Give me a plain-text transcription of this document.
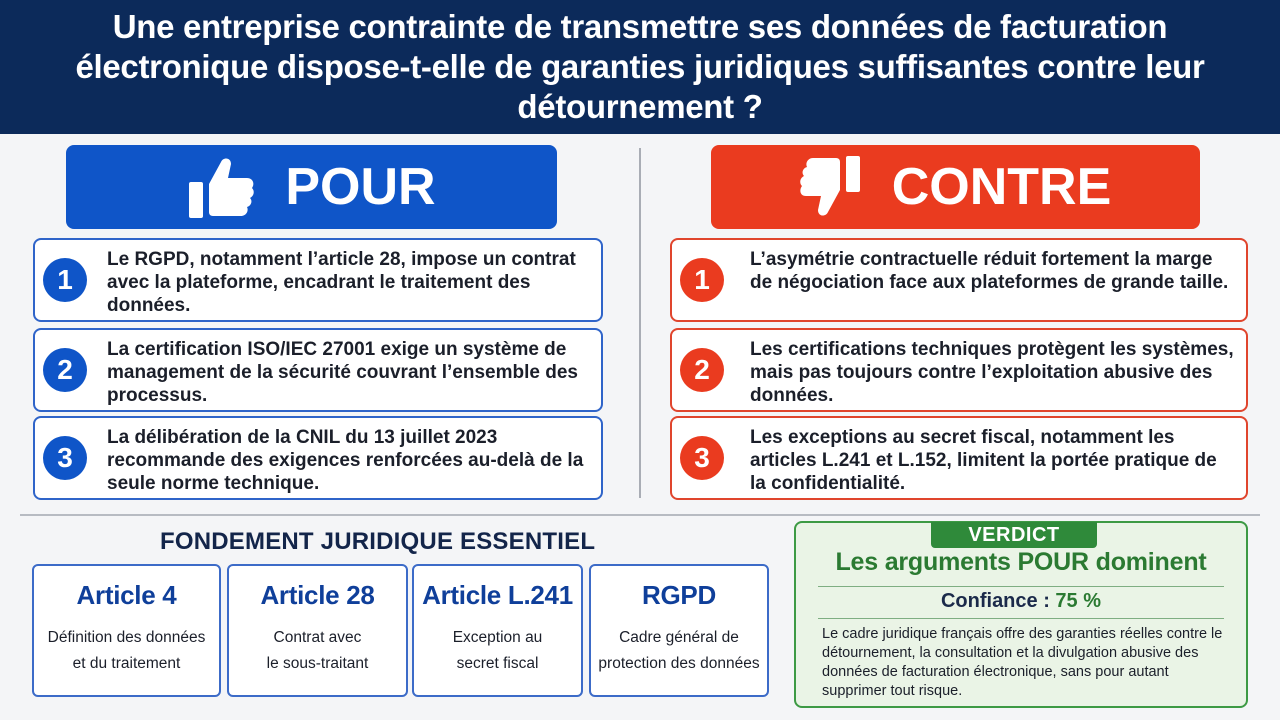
Une entreprise contrainte de transmettre ses données de facturation électronique dispose-t-elle de garanties juridiques suffisantes contre leur détournement ?
POUR	CONTRE
1
Le RGPD, notamment l’article 28, impose un contrat avec la plateforme, encadrant le traitement des données.
2
La certification ISO/IEC 27001 exige un système de management de la sécurité couvrant l’ensemble des processus.
3
La délibération de la CNIL du 13 juillet 2023 recommande des exigences renforcées au-delà de la seule norme technique.
1
L’asymétrie contractuelle réduit fortement la marge de négociation face aux plateformes de grande taille.
2
Les certifications techniques protègent les systèmes, mais pas toujours contre l’exploitation abusive des données.
3
Les exceptions au secret fiscal, notamment les articles L.241 et L.152, limitent la portée pratique de la confidentialité.
FONDEMENT JURIDIQUE ESSENTIEL
Article 4
Définition des données
et du traitement
Article 28
Contrat avec
le sous-traitant
Article L.241
Exception au
secret fiscal
RGPD
Cadre général de
protection des données
VERDICT
Les arguments POUR dominent
Confiance : 75 %
Le cadre juridique français offre des garanties réelles contre le détournement, la consultation et la divulgation abusive des données de facturation électronique, sans pour autant supprimer tout risque.
